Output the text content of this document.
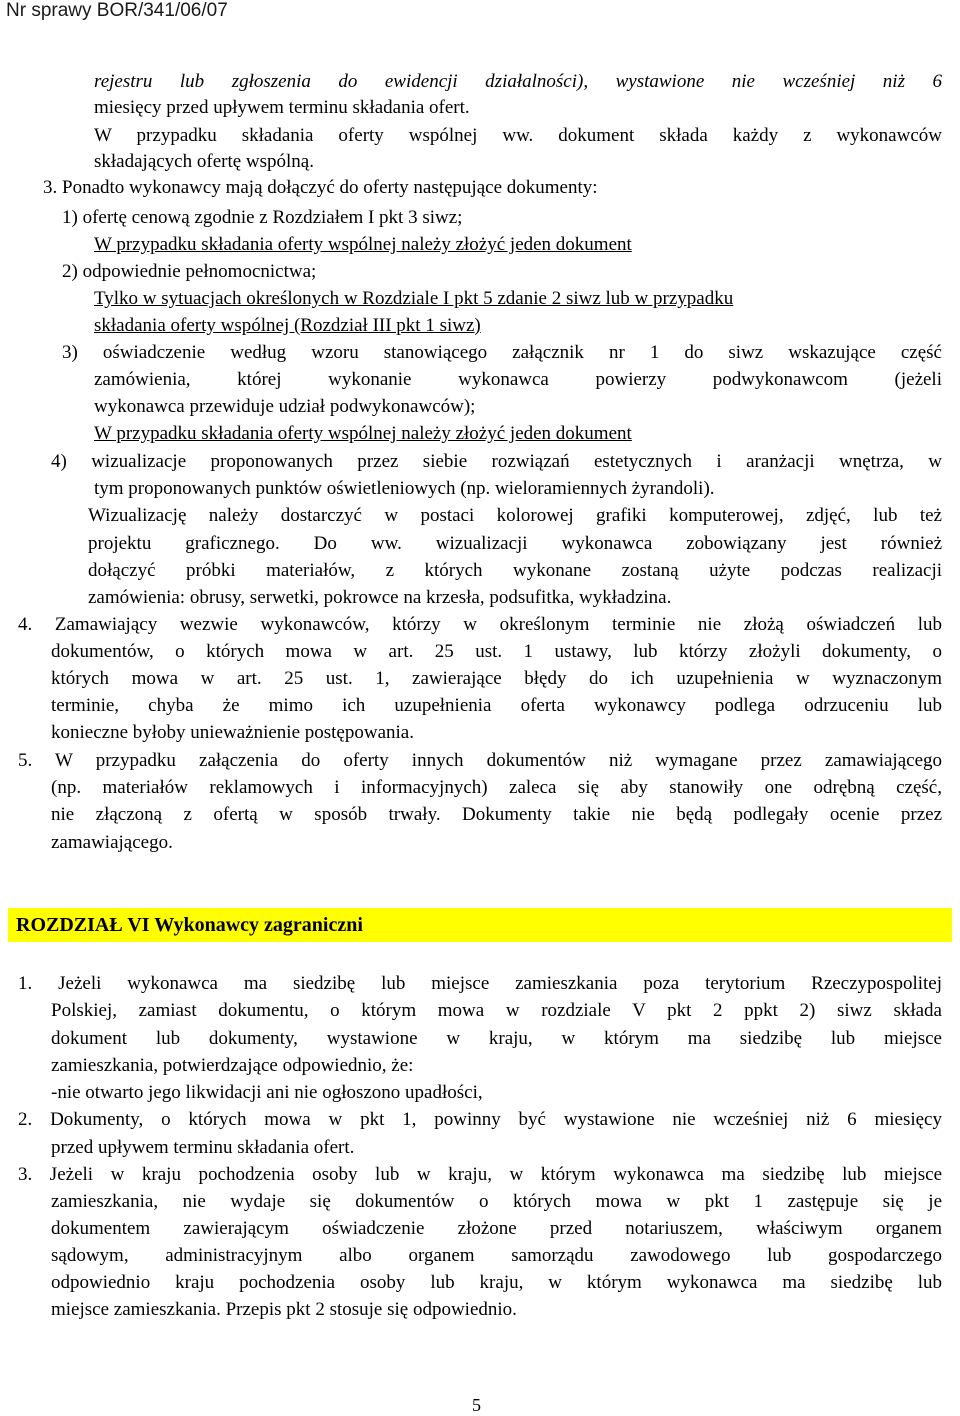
Nr sprawy BOR/341/06/07
rejestru lub zgłoszenia do ewidencji działalności), wystawione nie wcześniej niż 6
miesięcy przed upływem terminu składania ofert.
W przypadku składania oferty wspólnej ww. dokument składa każdy z wykonawców
składających ofertę wspólną.
3. Ponadto wykonawcy mają dołączyć do oferty następujące dokumenty:
1) ofertę cenową zgodnie z Rozdziałem I pkt 3 siwz;
W przypadku składania oferty wspólnej należy złożyć jeden dokument
2) odpowiednie pełnomocnictwa;
Tylko w sytuacjach określonych w Rozdziale I pkt 5 zdanie 2 siwz lub w przypadku
składania oferty wspólnej (Rozdział III pkt 1 siwz)
3) oświadczenie według wzoru stanowiącego załącznik nr 1 do siwz wskazujące część
zamówienia, której wykonanie wykonawca powierzy podwykonawcom (jeżeli
wykonawca przewiduje udział podwykonawców);
W przypadku składania oferty wspólnej należy złożyć jeden dokument
4) wizualizacje proponowanych przez siebie rozwiązań estetycznych i aranżacji wnętrza, w
tym proponowanych punktów oświetleniowych (np. wieloramiennych żyrandoli).
Wizualizację należy dostarczyć w postaci kolorowej grafiki komputerowej, zdjęć, lub też
projektu graficznego. Do ww. wizualizacji wykonawca zobowiązany jest również
dołączyć próbki materiałów, z których wykonane zostaną użyte podczas realizacji
zamówienia: obrusy, serwetki, pokrowce na krzesła, podsufitka, wykładzina.
4. Zamawiający wezwie wykonawców, którzy w określonym terminie nie złożą oświadczeń lub
dokumentów, o których mowa w art. 25 ust. 1 ustawy, lub którzy złożyli dokumenty, o
których mowa w art. 25 ust. 1, zawierające błędy do ich uzupełnienia w wyznaczonym
terminie, chyba że mimo ich uzupełnienia oferta wykonawcy podlega odrzuceniu lub
konieczne byłoby unieważnienie postępowania.
5. W przypadku załączenia do oferty innych dokumentów niż wymagane przez zamawiającego
(np. materiałów reklamowych i informacyjnych) zaleca się aby stanowiły one odrębną część,
nie złączoną z ofertą w sposób trwały. Dokumenty takie nie będą podlegały ocenie przez
zamawiającego.
ROZDZIAŁ VI Wykonawcy zagraniczni
1. Jeżeli wykonawca ma siedzibę lub miejsce zamieszkania poza terytorium Rzeczypospolitej
Polskiej, zamiast dokumentu, o którym mowa w rozdziale V pkt 2 ppkt 2) siwz składa
dokument lub dokumenty, wystawione w kraju, w którym ma siedzibę lub miejsce
zamieszkania, potwierdzające odpowiednio, że:
-nie otwarto jego likwidacji ani nie ogłoszono upadłości,
2. Dokumenty, o których mowa w pkt 1, powinny być wystawione nie wcześniej niż 6 miesięcy
przed upływem terminu składania ofert.
3. Jeżeli w kraju pochodzenia osoby lub w kraju, w którym wykonawca ma siedzibę lub miejsce
zamieszkania, nie wydaje się dokumentów o których mowa w pkt 1 zastępuje się je
dokumentem zawierającym oświadczenie złożone przed notariuszem, właściwym organem
sądowym, administracyjnym albo organem samorządu zawodowego lub gospodarczego
odpowiednio kraju pochodzenia osoby lub kraju, w którym wykonawca ma siedzibę lub
miejsce zamieszkania. Przepis pkt 2 stosuje się odpowiednio.
5
